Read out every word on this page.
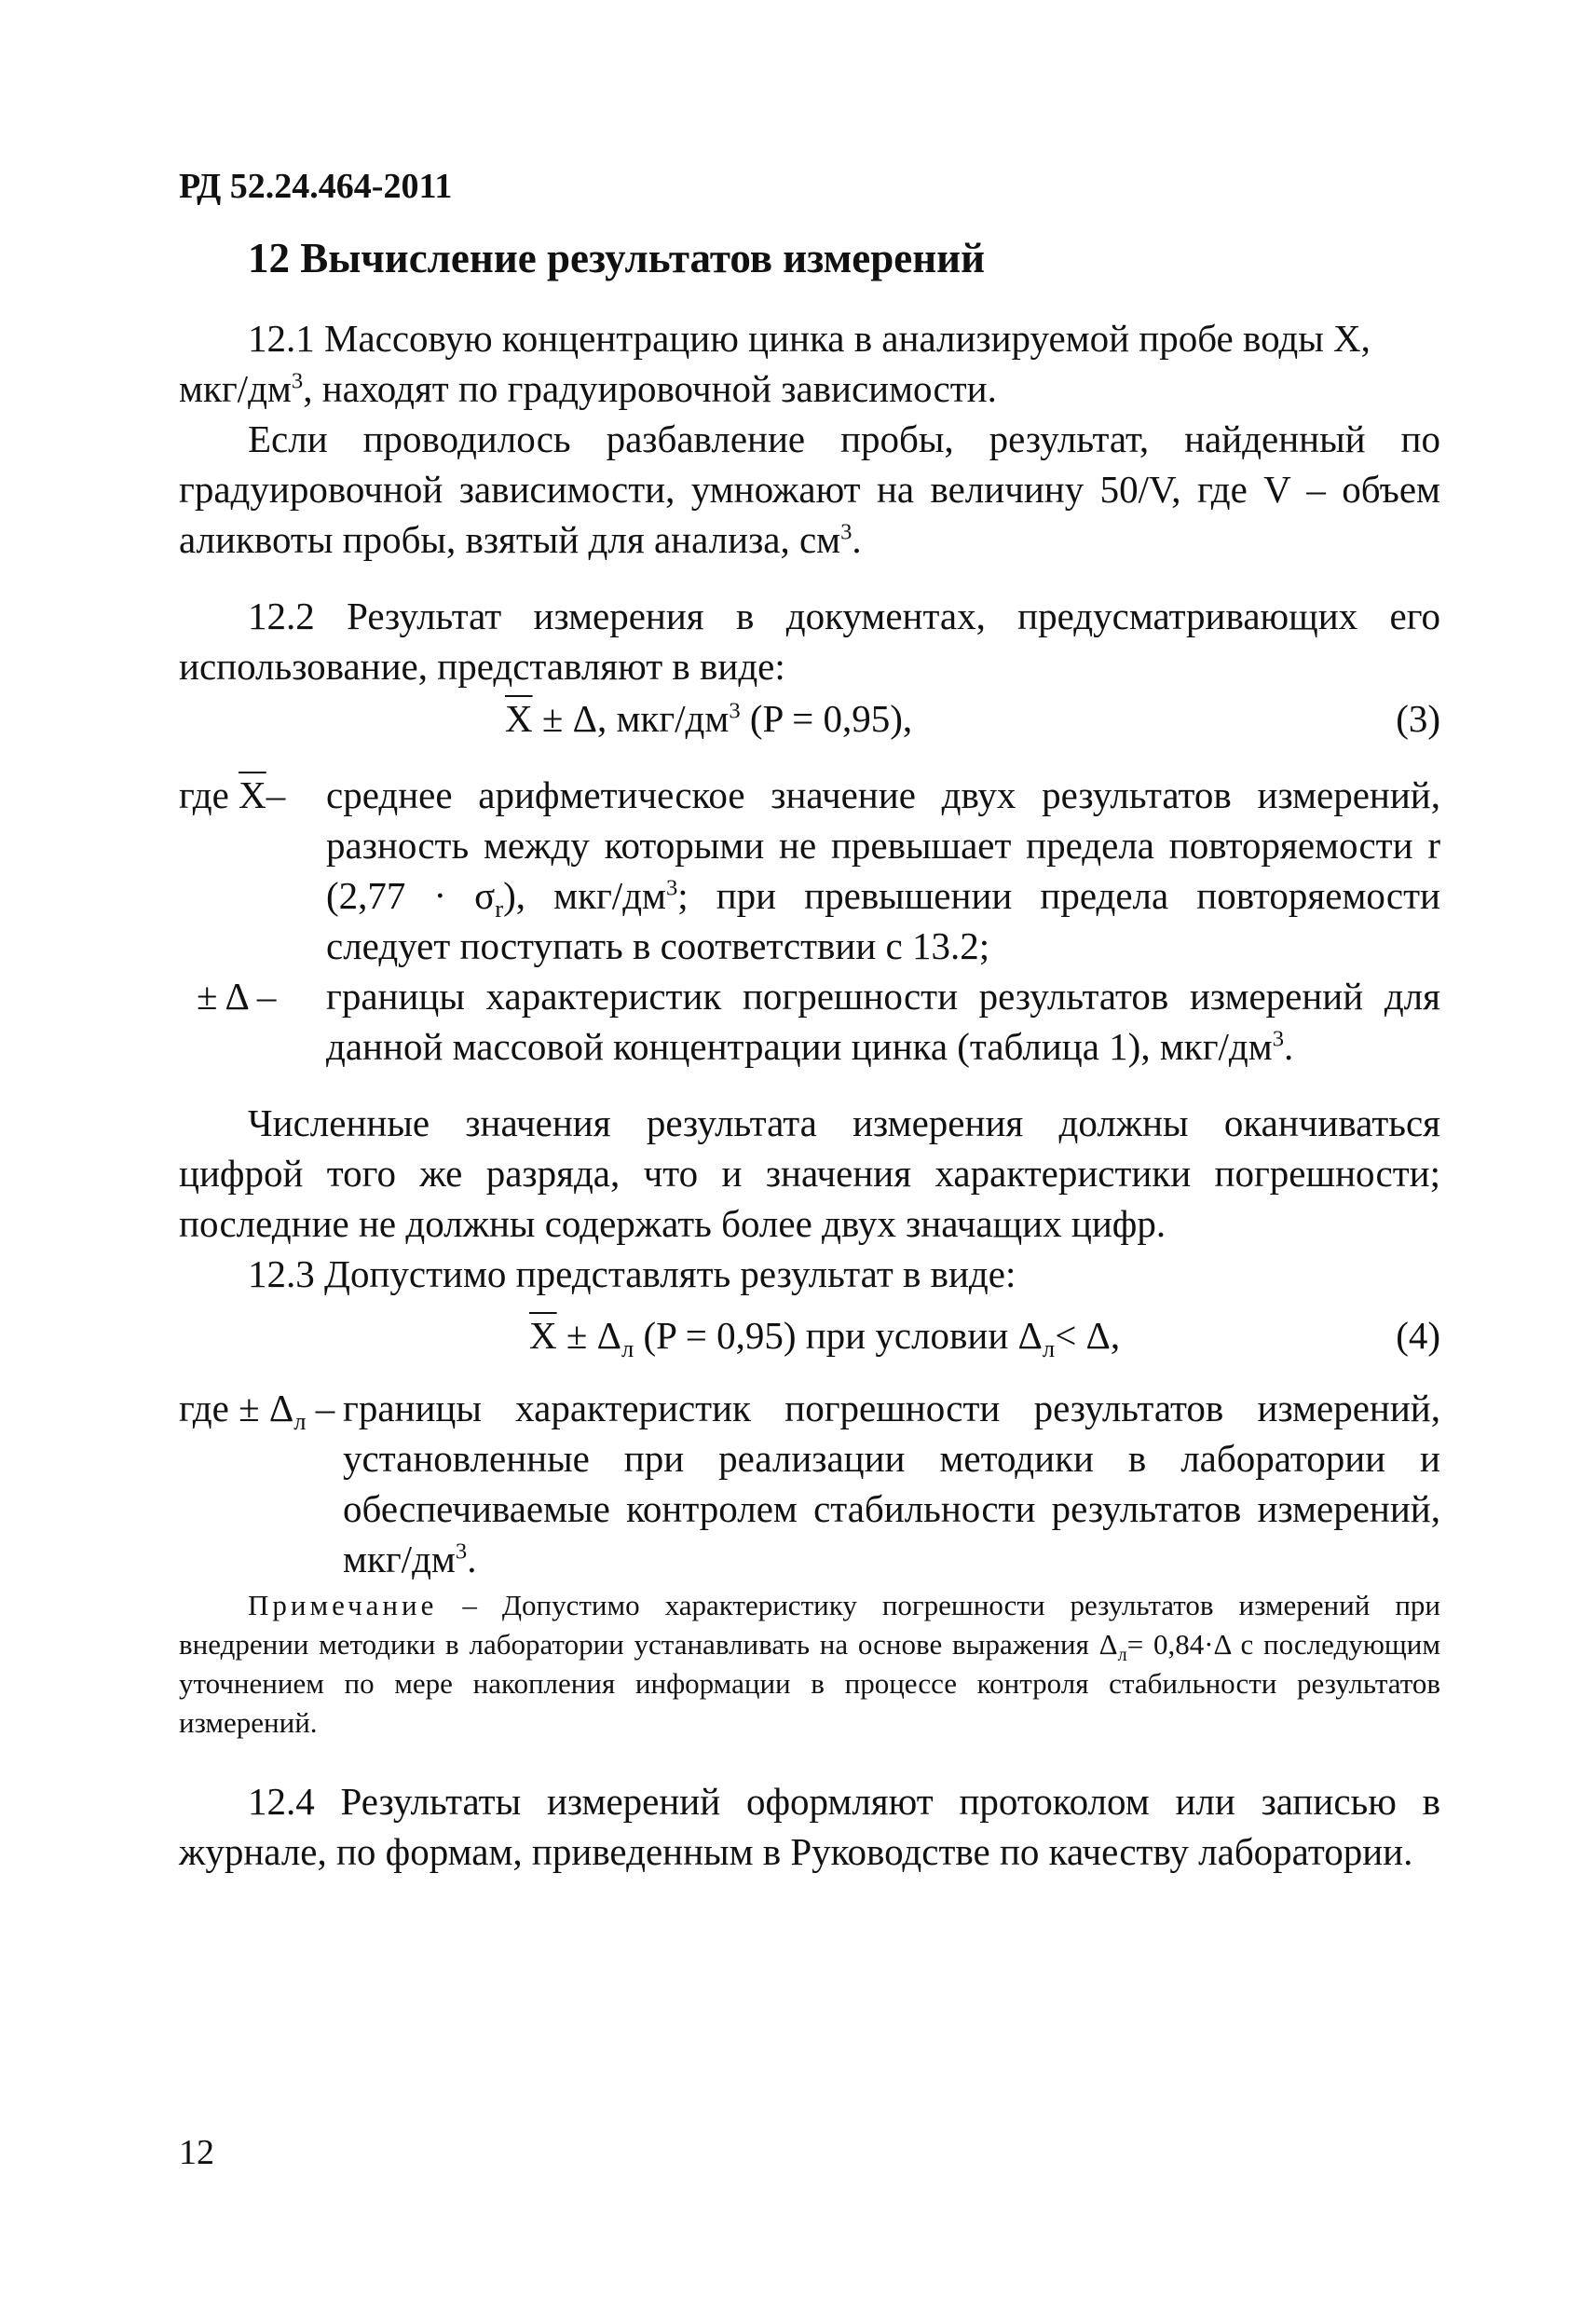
РД 52.24.464-2011
12 Вычисление результатов измерений

12.1 Массовую концентрацию цинка в анализируемой пробе воды X,
мкг/$дм^3$, находят по градуировочной зависимости.

Если проводилось разбавление пробы, результат, найденный по градуировочной зависимости, умножают на величину 50/V, где V – объем аликвоты пробы, взятый для анализа, $см^3$.

12.2 Результат измерения в документах, предусматривающих его использование, представляют в виде:

$\overline{X} \pm \Delta$, мкг/$дм^3$ (P = 0,95),	(3)
где $\overline{X}-$ среднее арифметическое значение двух результатов измерений, разность между которыми не превышает предела повторяемости r $(2,77 \cdot \sigma_r)$, мкг/$дм^3$; при превышении предела повторяемости следует поступать в соответствии с 13.2;
± Δ – границы характеристик погрешности результатов измерений для данной массовой концентрации цинка (таблица 1), мкг/$дм^3$.

Численные значения результата измерения должны оканчиваться цифрой того же разряда, что и значения характеристики погрешности; последние не должны содержать более двух значащих цифр.

12.3 Допустимо представлять результат в виде:

$\overline{X} \pm \Delta_л$ (P = 0,95) при условии $\Delta_л< \Delta$,	(4)
где ± $\Delta_л$ – границы характеристик погрешности результатов измерений, установленные при реализации методики в лаборатории и обеспечиваемые контролем стабильности результатов измерений, мкг/$дм^3$.

Примечание – Допустимо характеристику погрешности результатов измерений при внедрении методики в лаборатории устанавливать на основе выражения $\Delta_л= 0,84\cdot\Delta$ с последующим уточнением по мере накопления информации в процессе контроля стабильности результатов измерений.

12.4 Результаты измерений оформляют протоколом или записью в журнале, по формам, приведенным в Руководстве по качеству лаборатории.

12
